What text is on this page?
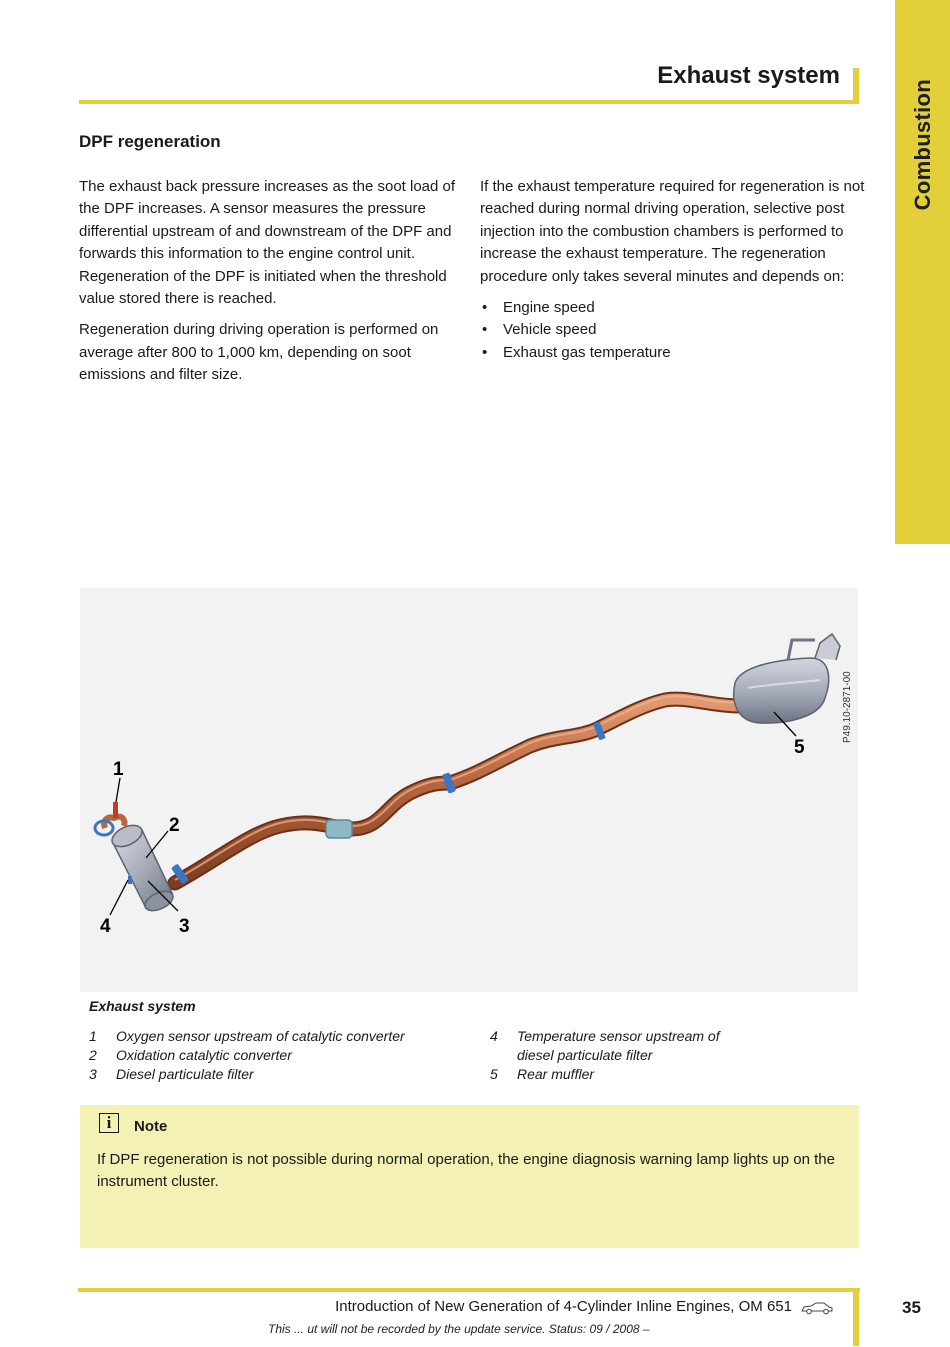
Combustion
Exhaust system
DPF regeneration

The exhaust back pressure increases as the soot load of the DPF increases. A sensor measures the pressure differential upstream of and downstream of the DPF and forwards this information to the engine control unit. Regeneration of the DPF is initiated when the threshold value stored there is reached.

Regeneration during driving operation is performed on average after 800 to 1,000 km, depending on soot emissions and filter size.

If the exhaust temperature required for regeneration is not reached during normal driving operation, selective post injection into the combustion chambers is performed to increase the exhaust temperature. The regeneration procedure only takes several minutes and depends on:

• Engine speed
• Vehicle speed
• Exhaust gas temperature
1
2
3
4
5
P49.10-2871-00
Exhaust system
1 Oxygen sensor upstream of catalytic converter
2 Oxidation catalytic converter
3 Diesel particulate filter
4 Temperature sensor upstream of
diesel particulate filter
5 Rear muffler
i	Note
If DPF regeneration is not possible during normal operation, the engine diagnosis warning lamp lights up on the instrument cluster.
Introduction of New Generation of 4-Cylinder Inline Engines, OM 651	35
This ... ut will not be recorded by the update service. Status: 09 / 2008 –
